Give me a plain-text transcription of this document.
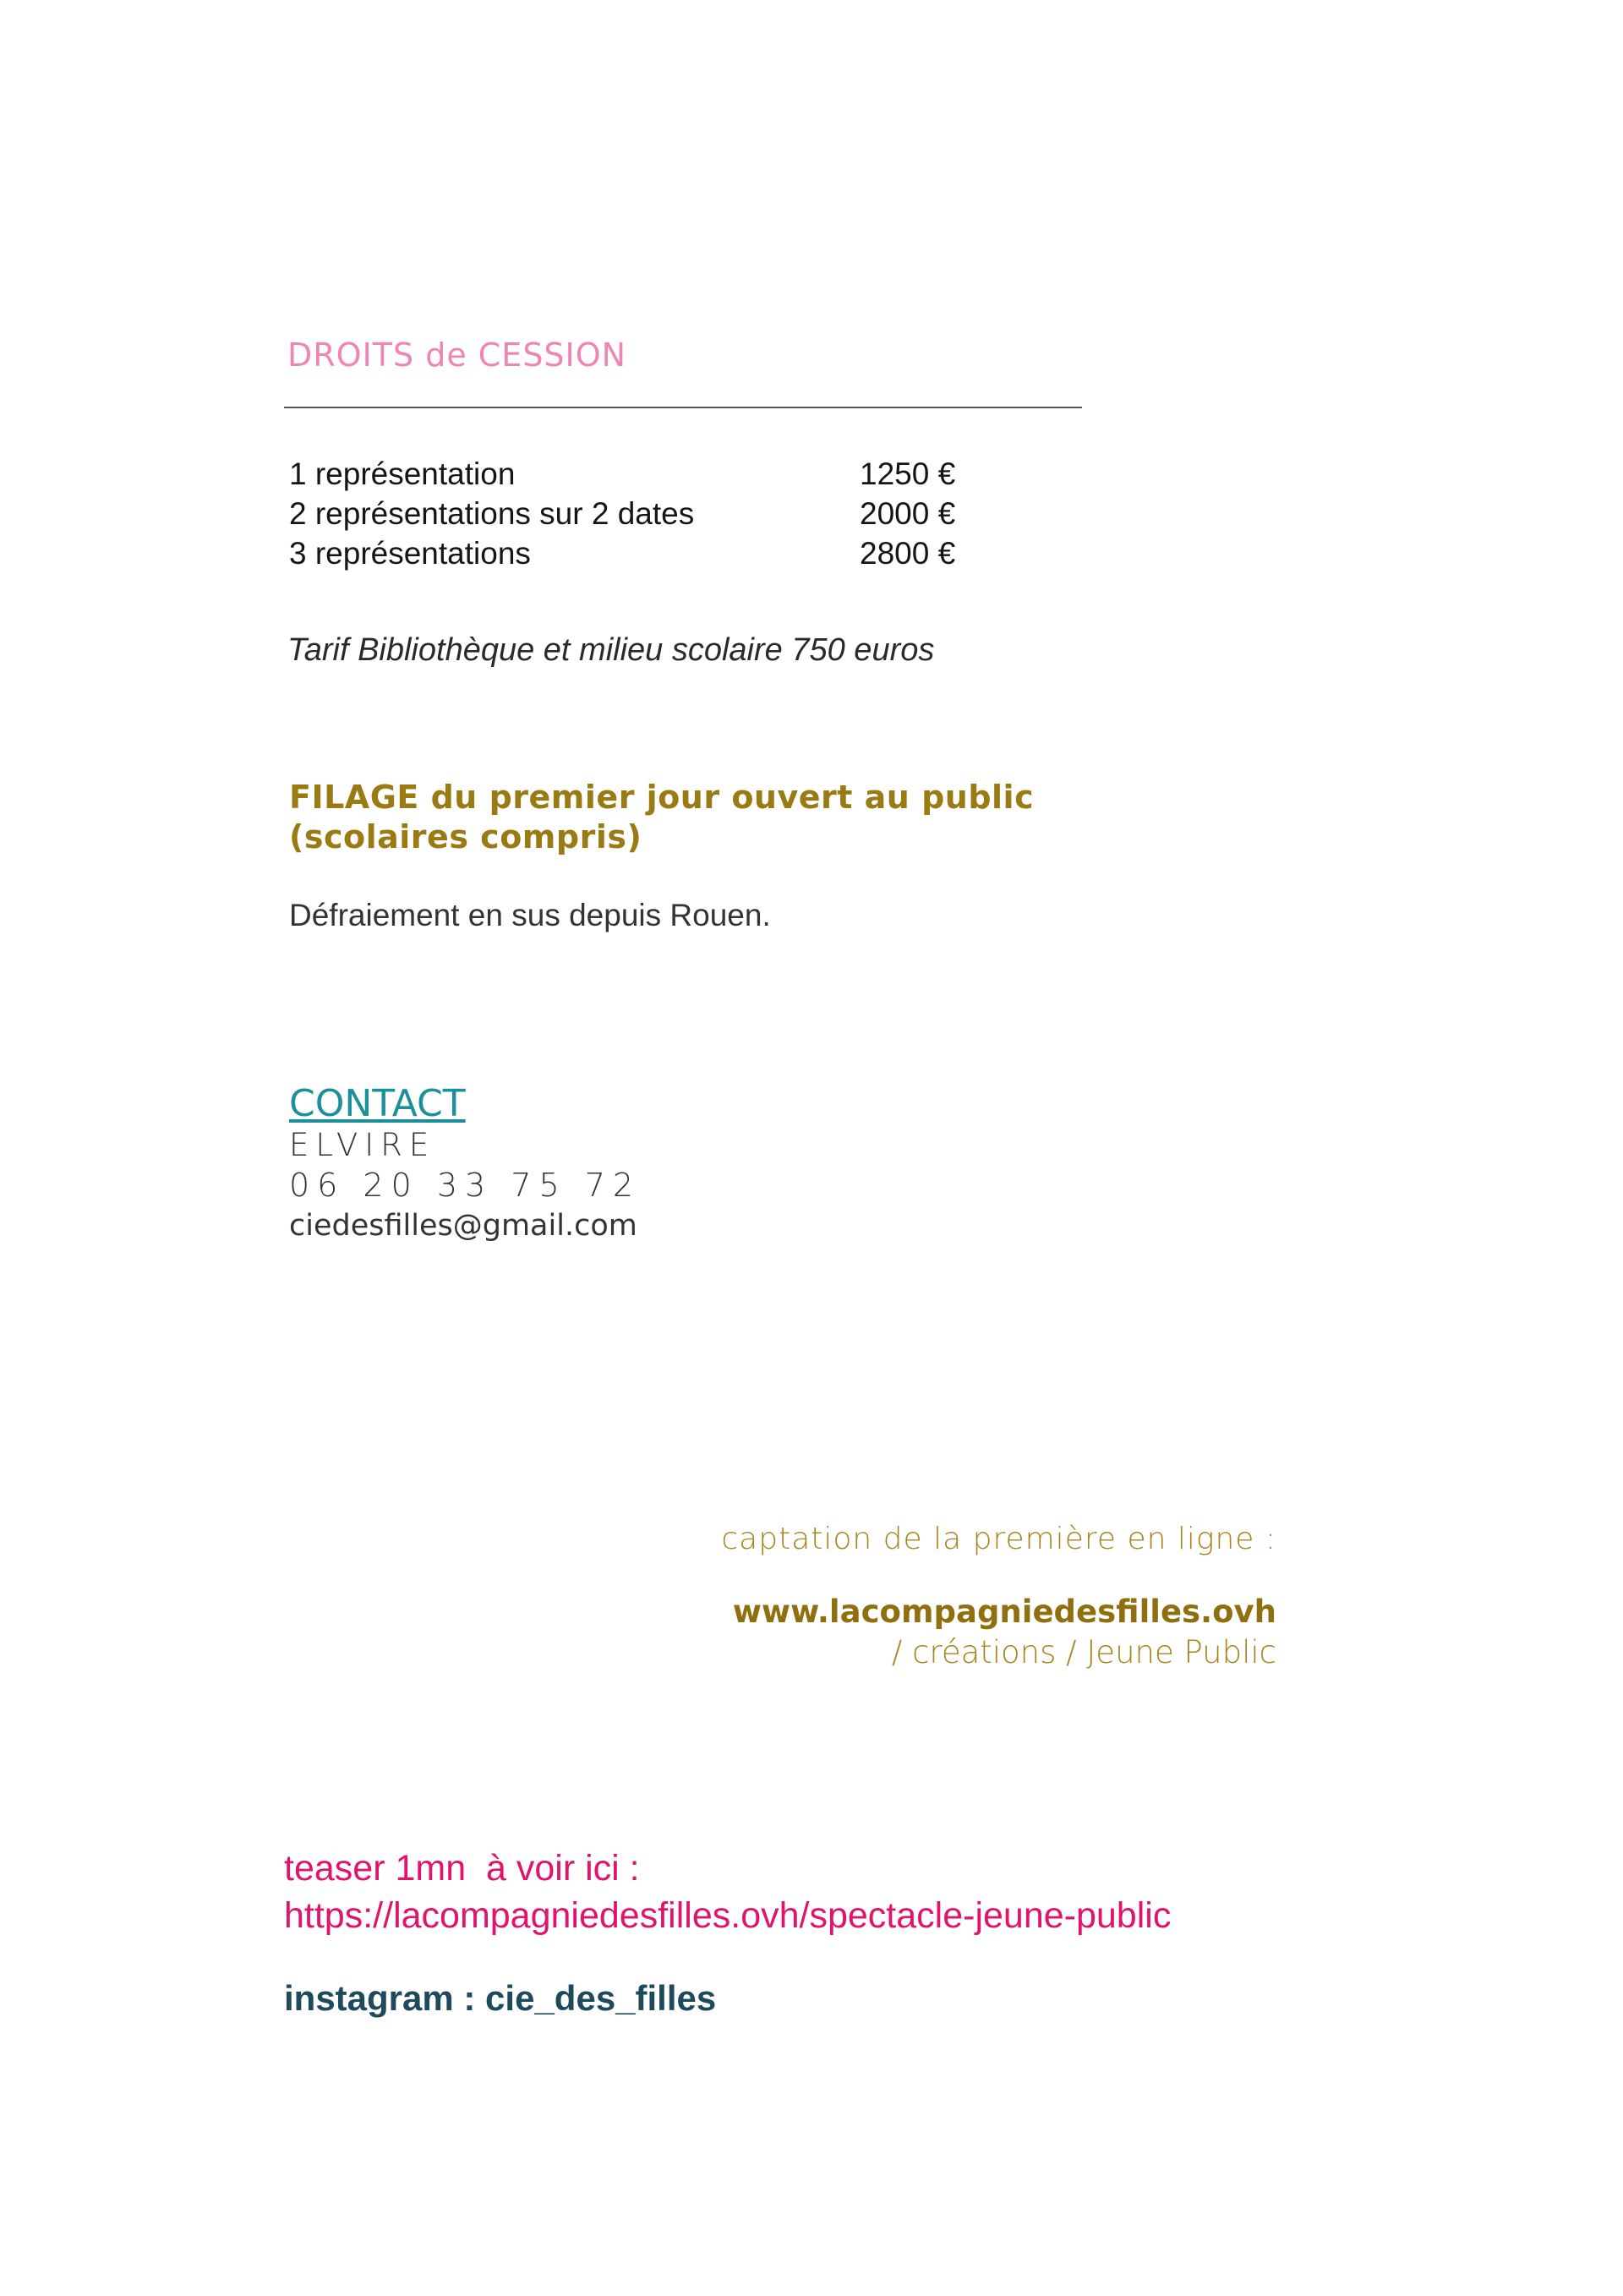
DROITS de CESSION
1 représentation	1250 €
2 représentations sur 2 dates	2000 €
3 représentations	2800 €
Tarif Bibliothèque et milieu scolaire 750 euros
FILAGE du premier jour ouvert au public
(scolaires compris)
Défraiement en sus depuis Rouen.
CONTACT
ELVIRE
06 20 33 75 72
ciedesfilles@gmail.com
captation de la première en ligne :
www.lacompagniedesfilles.ovh
/ créations / Jeune Public
teaser 1mn  à voir ici :
https://lacompagniedesfilles.ovh/spectacle-jeune-public
instagram : cie_des_filles
